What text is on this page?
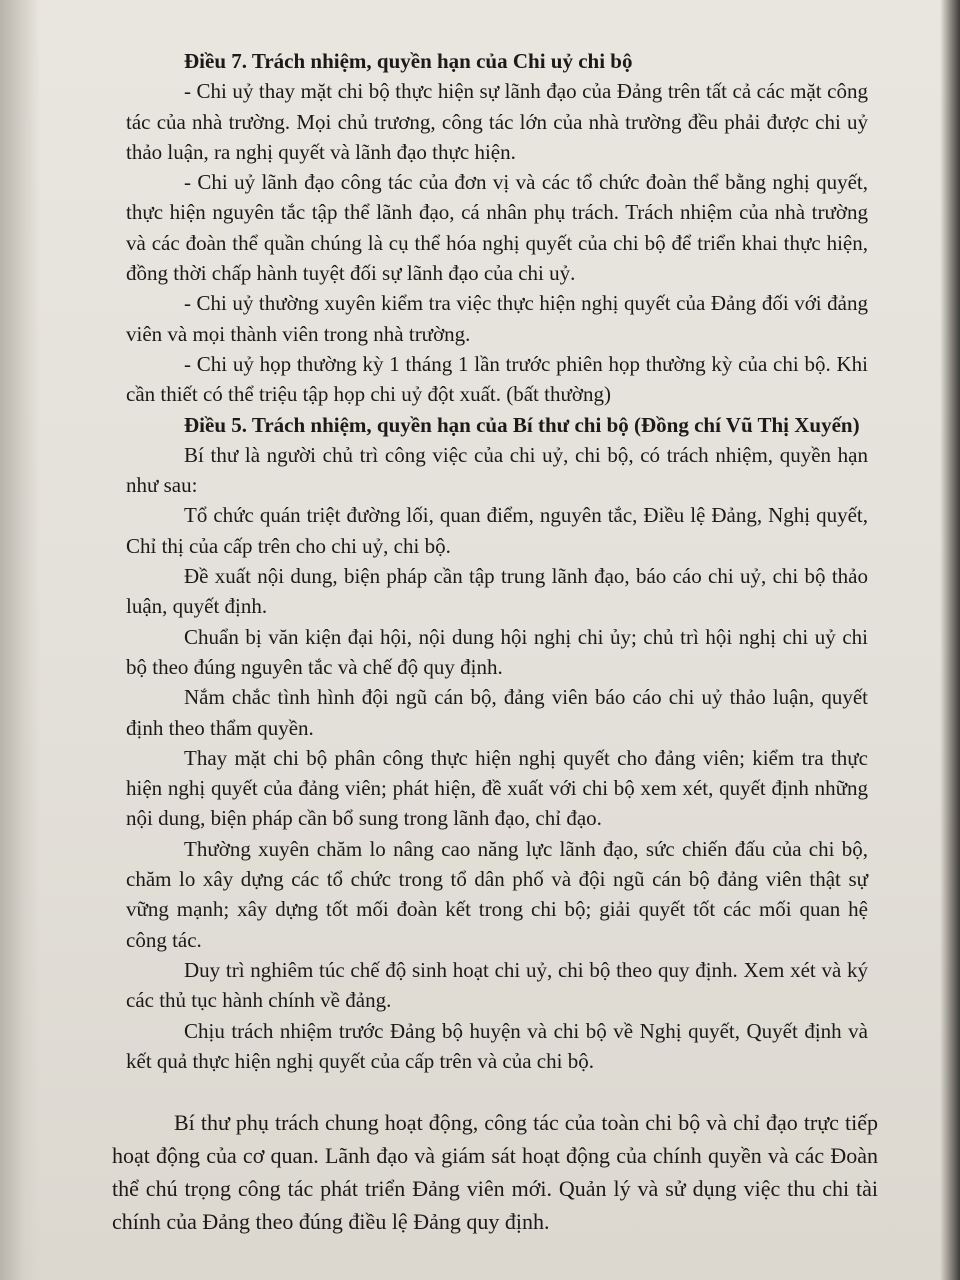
Điều 7. Trách nhiệm, quyền hạn của Chi uỷ chi bộ

- Chi uỷ thay mặt chi bộ thực hiện sự lãnh đạo của Đảng trên tất cả các mặt công tác của nhà trường. Mọi chủ trương, công tác lớn của nhà trường đều phải được chi uỷ thảo luận, ra nghị quyết và lãnh đạo thực hiện.

- Chi uỷ lãnh đạo công tác của đơn vị và các tổ chức đoàn thể bằng nghị quyết, thực hiện nguyên tắc tập thể lãnh đạo, cá nhân phụ trách. Trách nhiệm của nhà trường và các đoàn thể quần chúng là cụ thể hóa nghị quyết của chi bộ để triển khai thực hiện, đồng thời chấp hành tuyệt đối sự lãnh đạo của chi uỷ.

- Chi uỷ thường xuyên kiểm tra việc thực hiện nghị quyết của Đảng đối với đảng viên và mọi thành viên trong nhà trường.

- Chi uỷ họp thường kỳ 1 tháng 1 lần trước phiên họp thường kỳ của chi bộ. Khi cần thiết có thể triệu tập họp chi uỷ đột xuất. (bất thường)

Điều 5. Trách nhiệm, quyền hạn của Bí thư chi bộ (Đồng chí Vũ Thị Xuyến)

Bí thư là người chủ trì công việc của chi uỷ, chi bộ, có trách nhiệm, quyền hạn như sau:

Tổ chức quán triệt đường lối, quan điểm, nguyên tắc, Điều lệ Đảng, Nghị quyết, Chỉ thị của cấp trên cho chi uỷ, chi bộ.

Đề xuất nội dung, biện pháp cần tập trung lãnh đạo, báo cáo chi uỷ, chi bộ thảo luận, quyết định.

Chuẩn bị văn kiện đại hội, nội dung hội nghị chi ủy; chủ trì hội nghị chi uỷ chi bộ theo đúng nguyên tắc và chế độ quy định.

Nắm chắc tình hình đội ngũ cán bộ, đảng viên báo cáo chi uỷ thảo luận, quyết định theo thẩm quyền.

Thay mặt chi bộ phân công thực hiện nghị quyết cho đảng viên; kiểm tra thực hiện nghị quyết của đảng viên; phát hiện, đề xuất với chi bộ xem xét, quyết định những nội dung, biện pháp cần bổ sung trong lãnh đạo, chỉ đạo.

Thường xuyên chăm lo nâng cao năng lực lãnh đạo, sức chiến đấu của chi bộ, chăm lo xây dựng các tổ chức trong tổ dân phố và đội ngũ cán bộ đảng viên thật sự vững mạnh; xây dựng tốt mối đoàn kết trong chi bộ; giải quyết tốt các mối quan hệ công tác.

Duy trì nghiêm túc chế độ sinh hoạt chi uỷ, chi bộ theo quy định. Xem xét và ký các thủ tục hành chính về đảng.

Chịu trách nhiệm trước Đảng bộ huyện và chi bộ về Nghị quyết, Quyết định và kết quả thực hiện nghị quyết của cấp trên và của chi bộ.

Bí thư phụ trách chung hoạt động, công tác của toàn chi bộ và chỉ đạo trực tiếp hoạt động của cơ quan. Lãnh đạo và giám sát hoạt động của chính quyền và các Đoàn thể chú trọng công tác phát triển Đảng viên mới. Quản lý và sử dụng việc thu chi tài chính của Đảng theo đúng điều lệ Đảng quy định.
